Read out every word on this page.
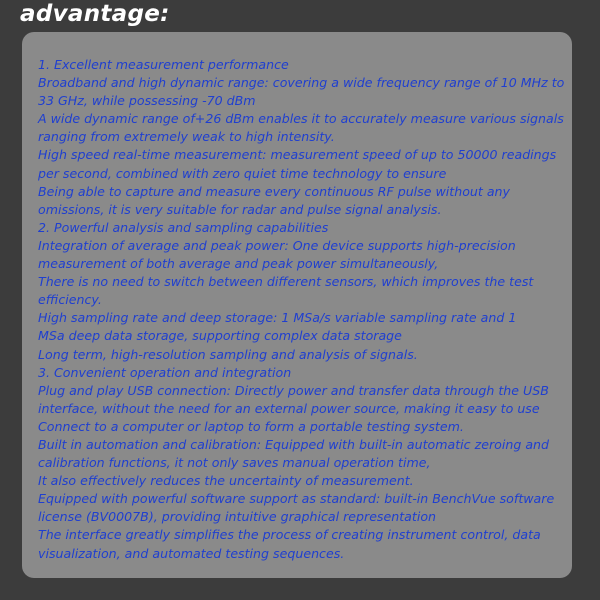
advantage:
1. Excellent measurement performance
Broadband and high dynamic range: covering a wide frequency range of 10 MHz to
33 GHz, while possessing -70 dBm
A wide dynamic range of+26 dBm enables it to accurately measure various signals
ranging from extremely weak to high intensity.
High speed real-time measurement: measurement speed of up to 50000 readings
per second, combined with zero quiet time technology to ensure
Being able to capture and measure every continuous RF pulse without any
omissions, it is very suitable for radar and pulse signal analysis.
2. Powerful analysis and sampling capabilities
Integration of average and peak power: One device supports high-precision
measurement of both average and peak power simultaneously,
There is no need to switch between different sensors, which improves the test
efficiency.
High sampling rate and deep storage: 1 MSa/s variable sampling rate and 1
MSa deep data storage, supporting complex data storage
Long term, high-resolution sampling and analysis of signals.
3. Convenient operation and integration
Plug and play USB connection: Directly power and transfer data through the USB
interface, without the need for an external power source, making it easy to use
Connect to a computer or laptop to form a portable testing system.
Built in automation and calibration: Equipped with built-in automatic zeroing and
calibration functions, it not only saves manual operation time,
It also effectively reduces the uncertainty of measurement.
Equipped with powerful software support as standard: built-in BenchVue software
license (BV0007B), providing intuitive graphical representation
The interface greatly simplifies the process of creating instrument control, data
visualization, and automated testing sequences.
